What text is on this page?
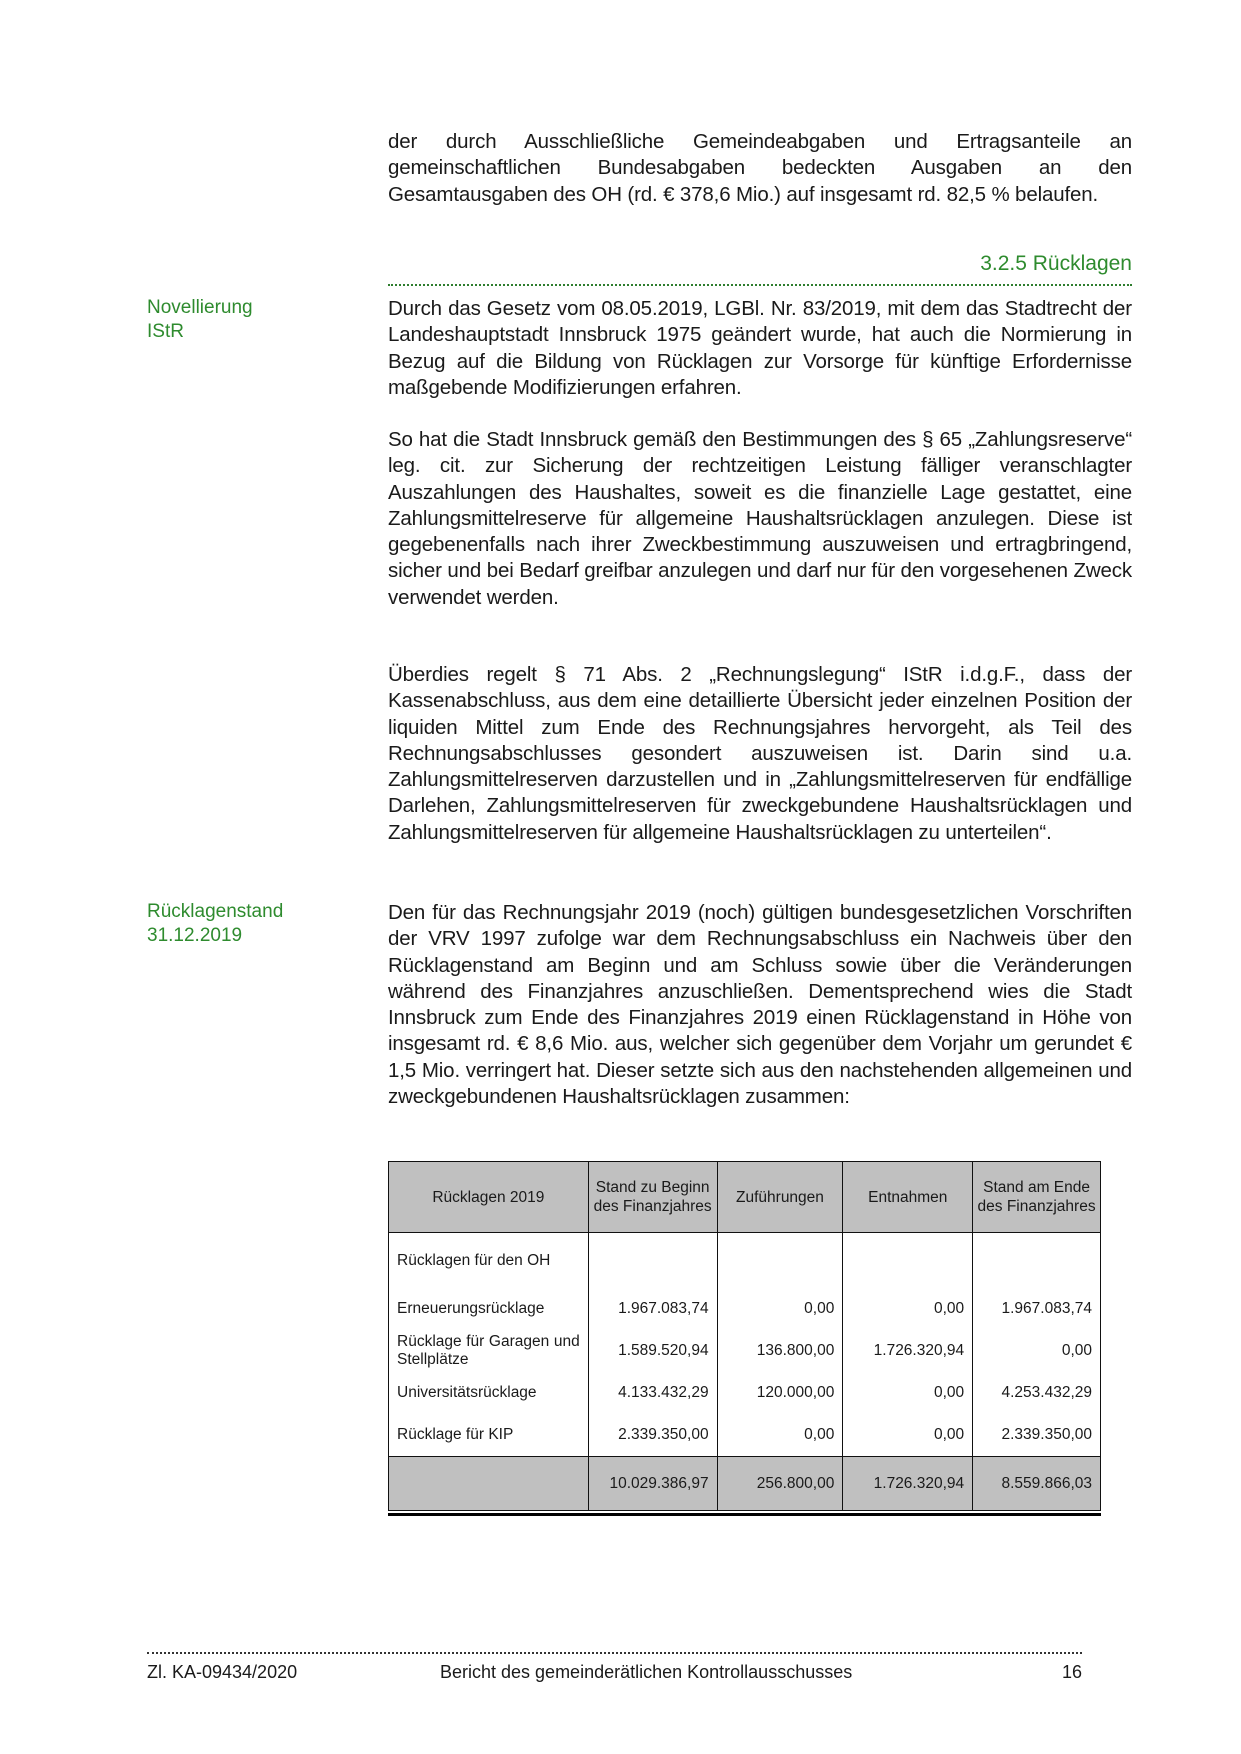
der durch Ausschließliche Gemeindeabgaben und Ertragsanteile an gemeinschaftlichen Bundesabgaben bedeckten Ausgaben an den Gesamtausgaben des OH (rd. € 378,6 Mio.) auf insgesamt rd. 82,5 % belaufen.

3.2.5 Rücklagen

Novellierung
IStR

Durch das Gesetz vom 08.05.2019, LGBl. Nr. 83/2019, mit dem das Stadtrecht der Landeshauptstadt Innsbruck 1975 geändert wurde, hat auch die Normierung in Bezug auf die Bildung von Rücklagen zur Vorsorge für künftige Erfordernisse maßgebende Modifizierungen erfahren.

So hat die Stadt Innsbruck gemäß den Bestimmungen des § 65 „Zahlungsreserve“ leg. cit. zur Sicherung der rechtzeitigen Leistung fälliger veranschlagter Auszahlungen des Haushaltes, soweit es die finanzielle Lage gestattet, eine Zahlungsmittelreserve für allgemeine Haushaltsrücklagen anzulegen. Diese ist gegebenenfalls nach ihrer Zweckbestimmung auszuweisen und ertragbringend, sicher und bei Bedarf greifbar anzulegen und darf nur für den vorgesehenen Zweck verwendet werden.

Überdies regelt § 71 Abs. 2 „Rechnungslegung“ IStR i.d.g.F., dass der Kassenabschluss, aus dem eine detaillierte Übersicht jeder einzelnen Position der liquiden Mittel zum Ende des Rechnungsjahres hervorgeht, als Teil des Rechnungsabschlusses gesondert auszuweisen ist. Darin sind u.a. Zahlungsmittelreserven darzustellen und in „Zahlungsmittelreserven für endfällige Darlehen, Zahlungsmittelreserven für zweckgebundene Haushaltsrücklagen und Zahlungsmittelreserven für allgemeine Haushaltsrücklagen zu unterteilen“.

Rücklagenstand
31.12.2019

Den für das Rechnungsjahr 2019 (noch) gültigen bundesgesetzlichen Vorschriften der VRV 1997 zufolge war dem Rechnungsabschluss ein Nachweis über den Rücklagenstand am Beginn und am Schluss sowie über die Veränderungen während des Finanzjahres anzuschließen. Dementsprechend wies die Stadt Innsbruck zum Ende des Finanzjahres 2019 einen Rücklagenstand in Höhe von insgesamt rd. € 8,6 Mio. aus, welcher sich gegenüber dem Vorjahr um gerundet € 1,5 Mio. verringert hat. Dieser setzte sich aus den nachstehenden allgemeinen und zweckgebundenen Haushaltsrücklagen zusammen:

Rücklagen 2019	Stand zu Beginn des Finanzjahres	Zuführungen	Entnahmen	Stand am Ende des Finanzjahres
Rücklagen für den OH				
Erneuerungsrücklage	1.967.083,74	0,00	0,00	1.967.083,74
Rücklage für Garagen und Stellplätze	1.589.520,94	136.800,00	1.726.320,94	0,00
Universitätsrücklage	4.133.432,29	120.000,00	0,00	4.253.432,29
Rücklage für KIP	2.339.350,00	0,00	0,00	2.339.350,00
	10.029.386,97	256.800,00	1.726.320,94	8.559.866,03

Zl. KA-09434/2020	Bericht des gemeinderätlichen Kontrollausschusses	16
